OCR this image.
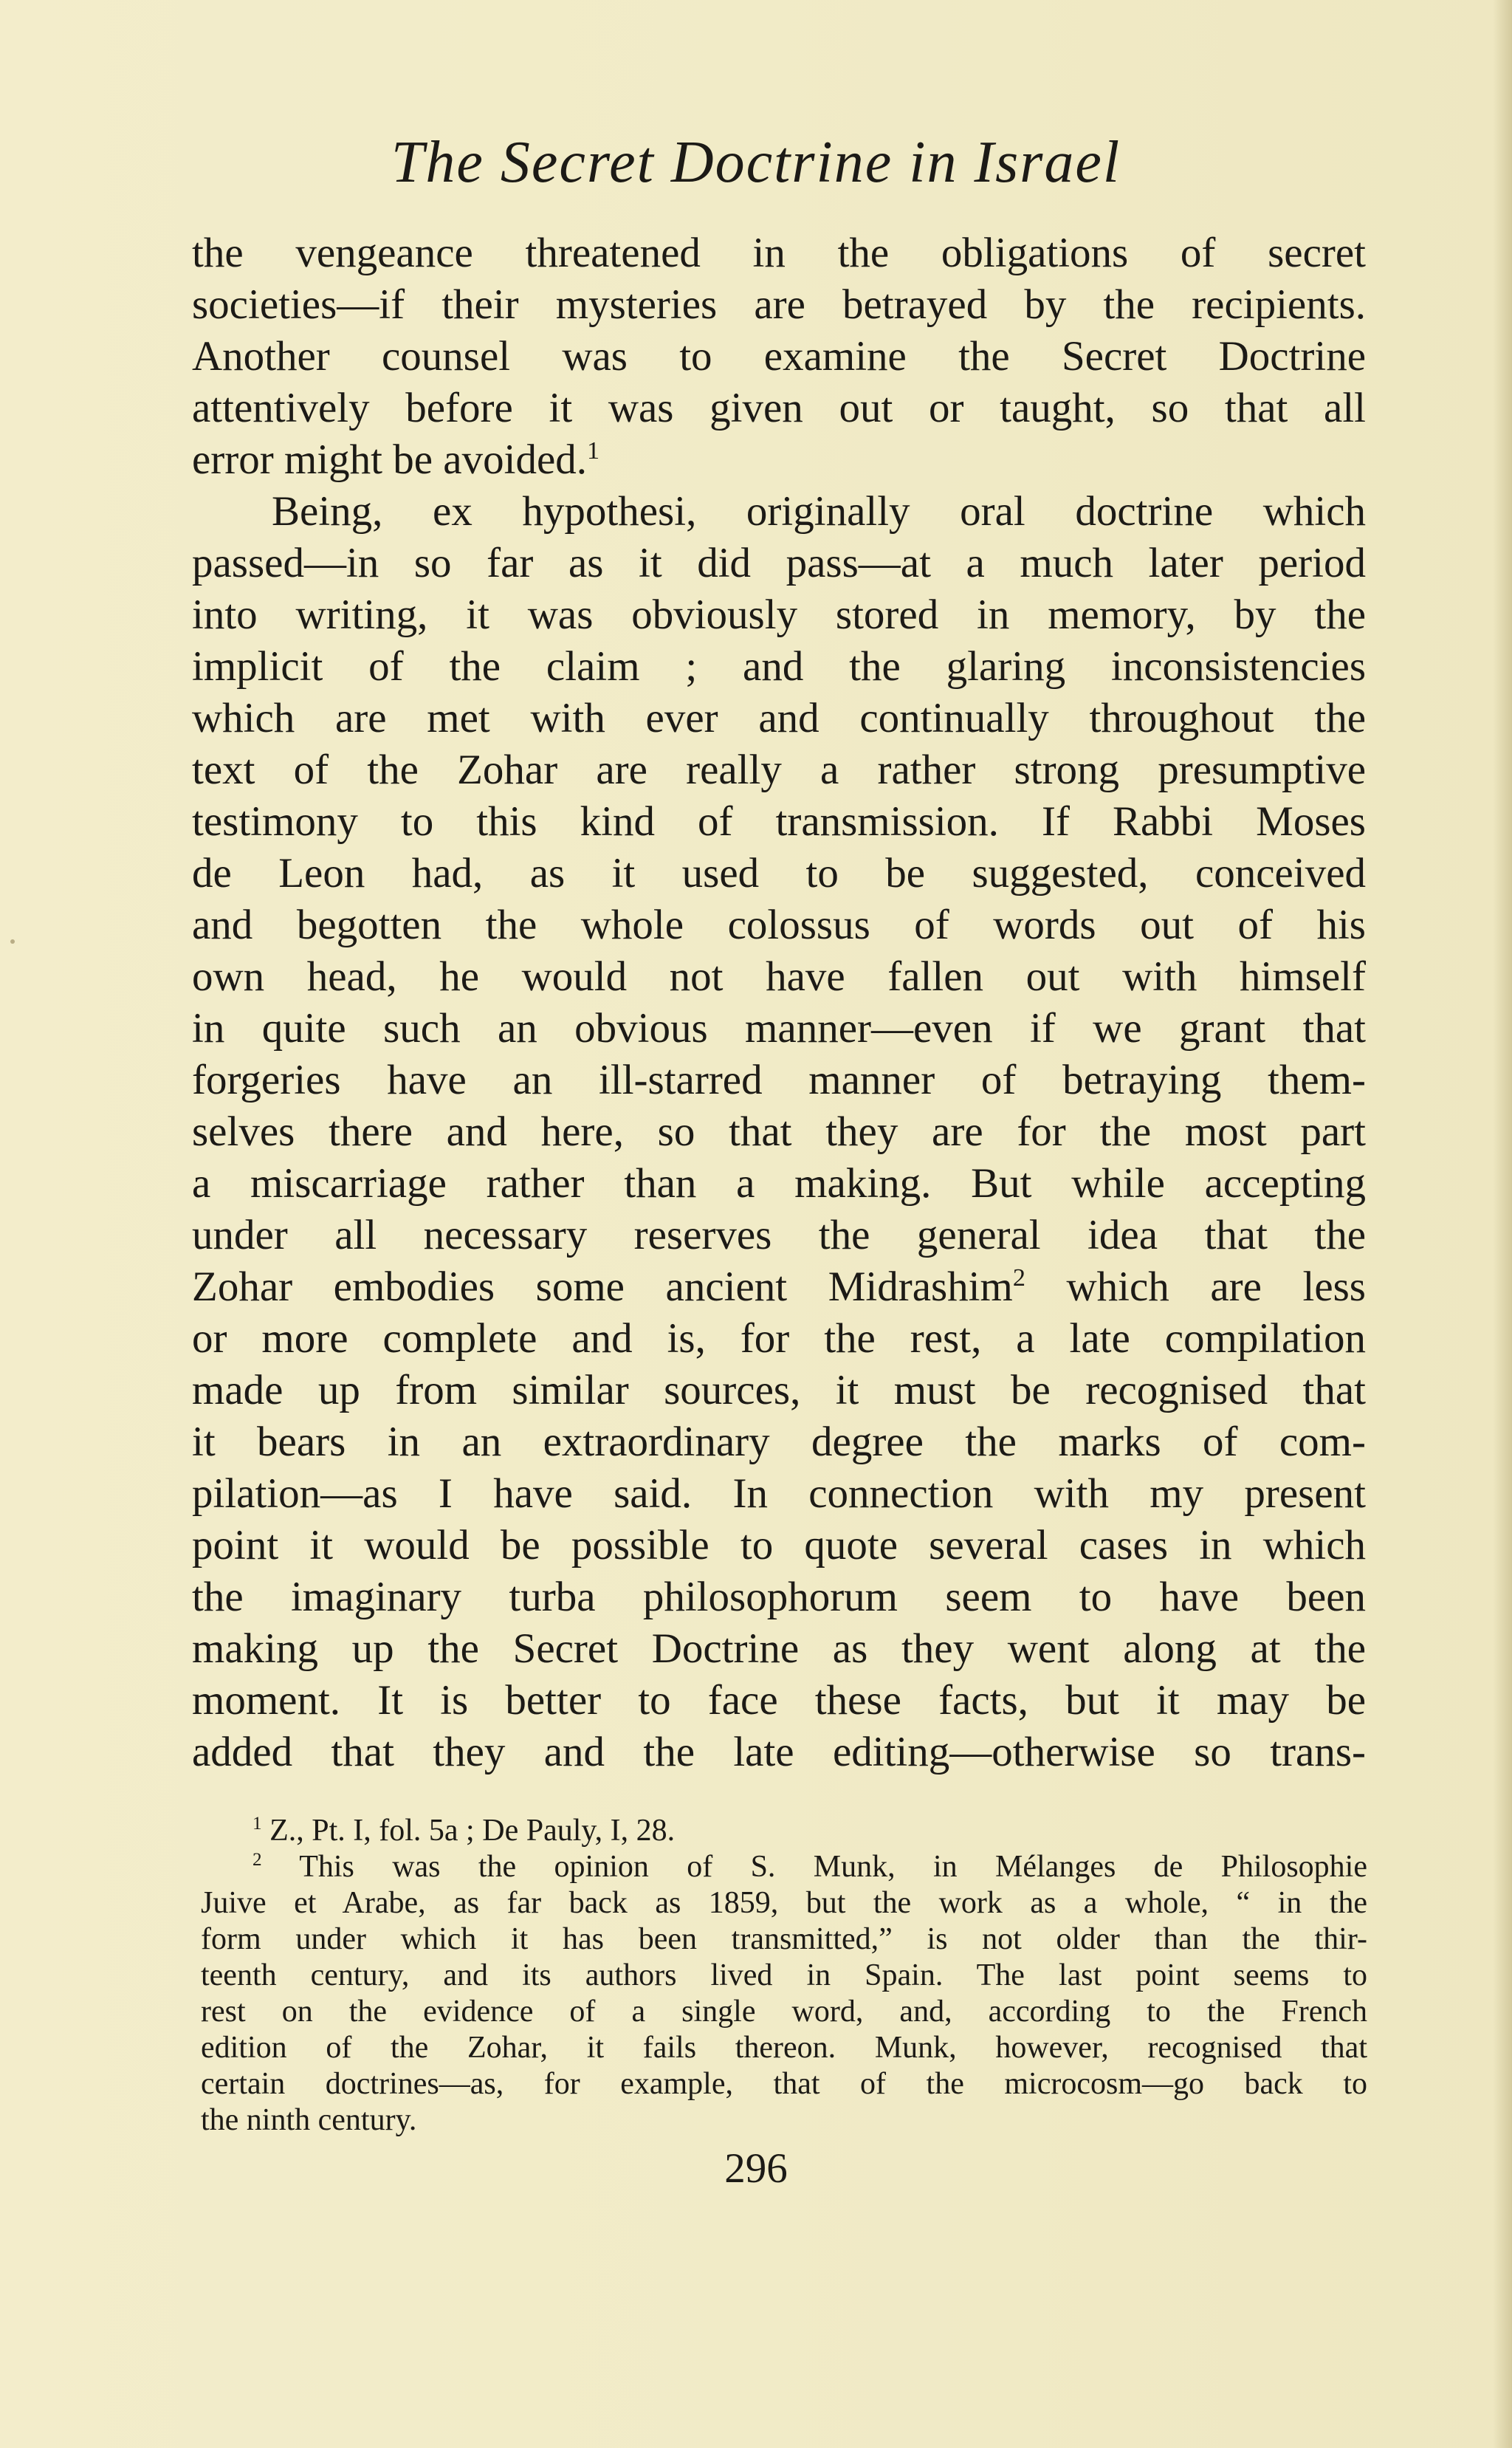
The Secret Doctrine in Israel
the vengeance threatened in the obligations of secret
societies—if their mysteries are betrayed by the recipients.
Another counsel was to examine the Secret Doctrine
attentively before it was given out or taught, so that all
error might be avoided.$^1$
Being, ex hypothesi, originally oral doctrine which
passed—in so far as it did pass—at a much later period
into writing, it was obviously stored in memory, by the
implicit of the claim ; and the glaring inconsistencies
which are met with ever and continually throughout the
text of the Zohar are really a rather strong presumptive
testimony to this kind of transmission. If Rabbi Moses
de Leon had, as it used to be suggested, conceived
and begotten the whole colossus of words out of his
own head, he would not have fallen out with himself
in quite such an obvious manner—even if we grant that
forgeries have an ill-starred manner of betraying them-
selves there and here, so that they are for the most part
a miscarriage rather than a making. But while accepting
under all necessary reserves the general idea that the
Zohar embodies some ancient Midrashim$^2$ which are less
or more complete and is, for the rest, a late compilation
made up from similar sources, it must be recognised that
it bears in an extraordinary degree the marks of com-
pilation—as I have said. In connection with my present
point it would be possible to quote several cases in which
the imaginary turba philosophorum seem to have been
making up the Secret Doctrine as they went along at the
moment. It is better to face these facts, but it may be
added that they and the late editing—otherwise so trans-
$^1$ Z., Pt. I, fol. 5a ; De Pauly, I, 28.
$^2$ This was the opinion of S. Munk, in Mélanges de Philosophie
Juive et Arabe, as far back as 1859, but the work as a whole, “ in the
form under which it has been transmitted,” is not older than the thir-
teenth century, and its authors lived in Spain. The last point seems to
rest on the evidence of a single word, and, according to the French
edition of the Zohar, it fails thereon. Munk, however, recognised that
certain doctrines—as, for example, that of the microcosm—go back to
the ninth century.
296
